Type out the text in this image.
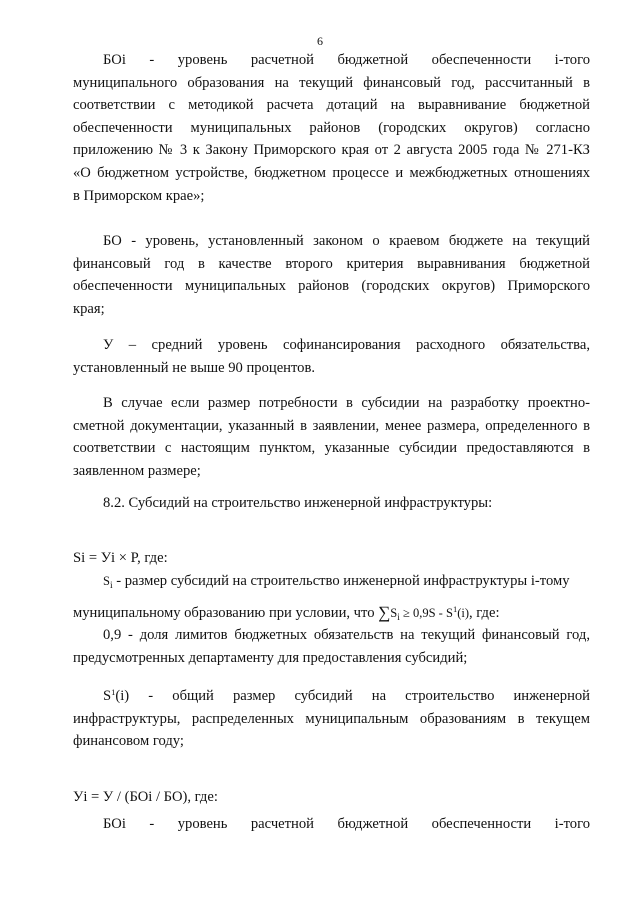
6
БОi - уровень расчетной бюджетной обеспеченности i-того
муниципального образования на текущий финансовый год, рассчитанный в
соответствии с методикой расчета дотаций на выравнивание бюджетной
обеспеченности муниципальных районов (городских округов) согласно
приложению № 3 к Закону Приморского края от 2 августа 2005 года № 271-КЗ
«О бюджетном устройстве, бюджетном процессе и межбюджетных отношениях
в Приморском крае»;
БО - уровень, установленный законом о краевом бюджете на текущий
финансовый год в качестве второго критерия выравнивания бюджетной
обеспеченности муниципальных районов (городских округов) Приморского
края;
У – средний уровень софинансирования расходного обязательства,
установленный не выше 90 процентов.
В случае если размер потребности в субсидии на разработку проектно-
сметной документации, указанный в заявлении, менее размера, определенного в
соответствии с настоящим пунктом, указанные субсидии предоставляются в
заявленном размере;
8.2. Субсидий на строительство инженерной инфраструктуры:
Si = Уi × P, где:
$S_i$ - размер субсидий на строительство инженерной инфраструктуры i-тому
муниципальному образованию при условии, что $\sum S_i \ge 0,9S - S^1(i)$, где:
0,9 - доля лимитов бюджетных обязательств на текущий финансовый год,
предусмотренных департаменту для предоставления субсидий;
$S^1(i)$ - общий размер субсидий на строительство инженерной
инфраструктуры, распределенных муниципальным образованиям в текущем
финансовом году;
Уi = У / (БОi / БО), где:
БОi - уровень расчетной бюджетной обеспеченности i-того
